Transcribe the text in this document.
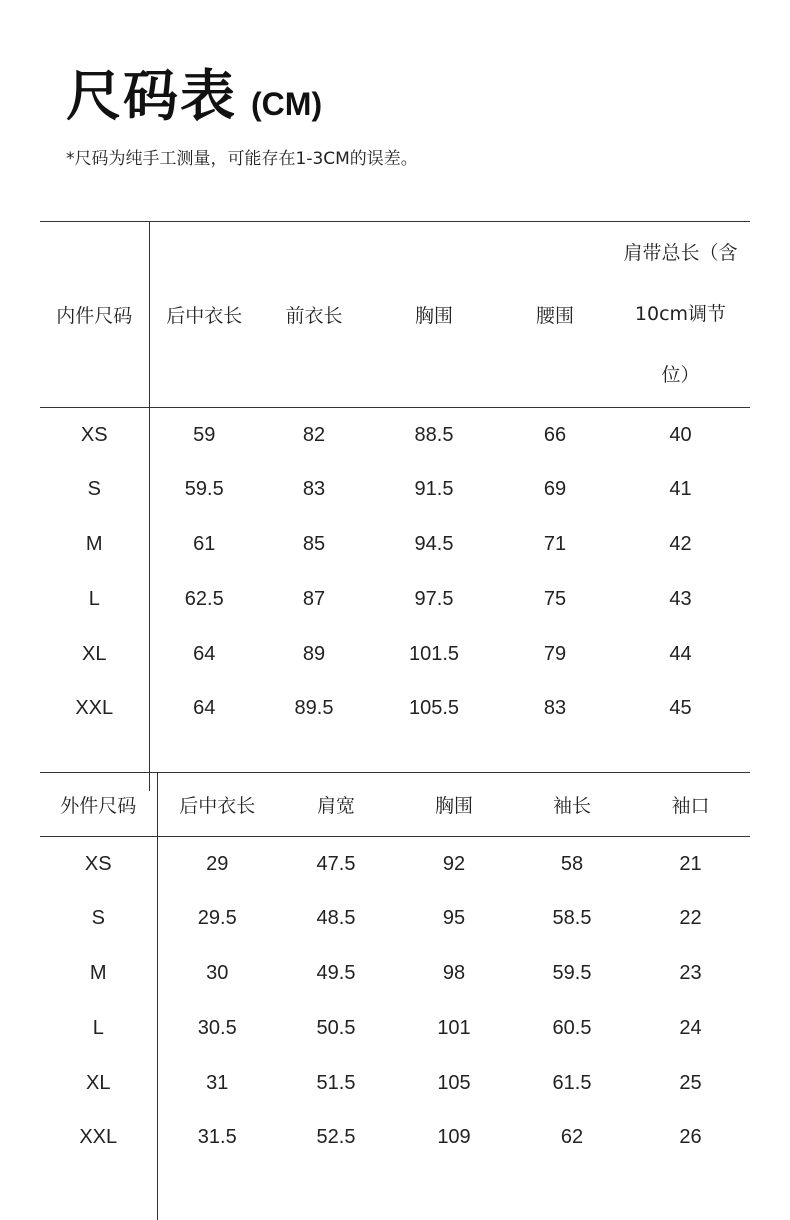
尺码表 (CM)
*尺码为纯手工测量，可能存在1-3CM的误差。
内件尺码	后中衣长	前衣长	胸围	腰围	肩带总长（含
10cm调节
位）

XS	59	82	88.5	66	40
S	59.5	83	91.5	69	41
M	61	85	94.5	71	42
L	62.5	87	97.5	75	43
XL	64	89	101.5	79	44
XXL	64	89.5	105.5	83	45

外件尺码	后中衣长	肩宽	胸围	袖长	袖口
XS	29	47.5	92	58	21
S	29.5	48.5	95	58.5	22
M	30	49.5	98	59.5	23
L	30.5	50.5	101	60.5	24
XL	31	51.5	105	61.5	25
XXL	31.5	52.5	109	62	26
